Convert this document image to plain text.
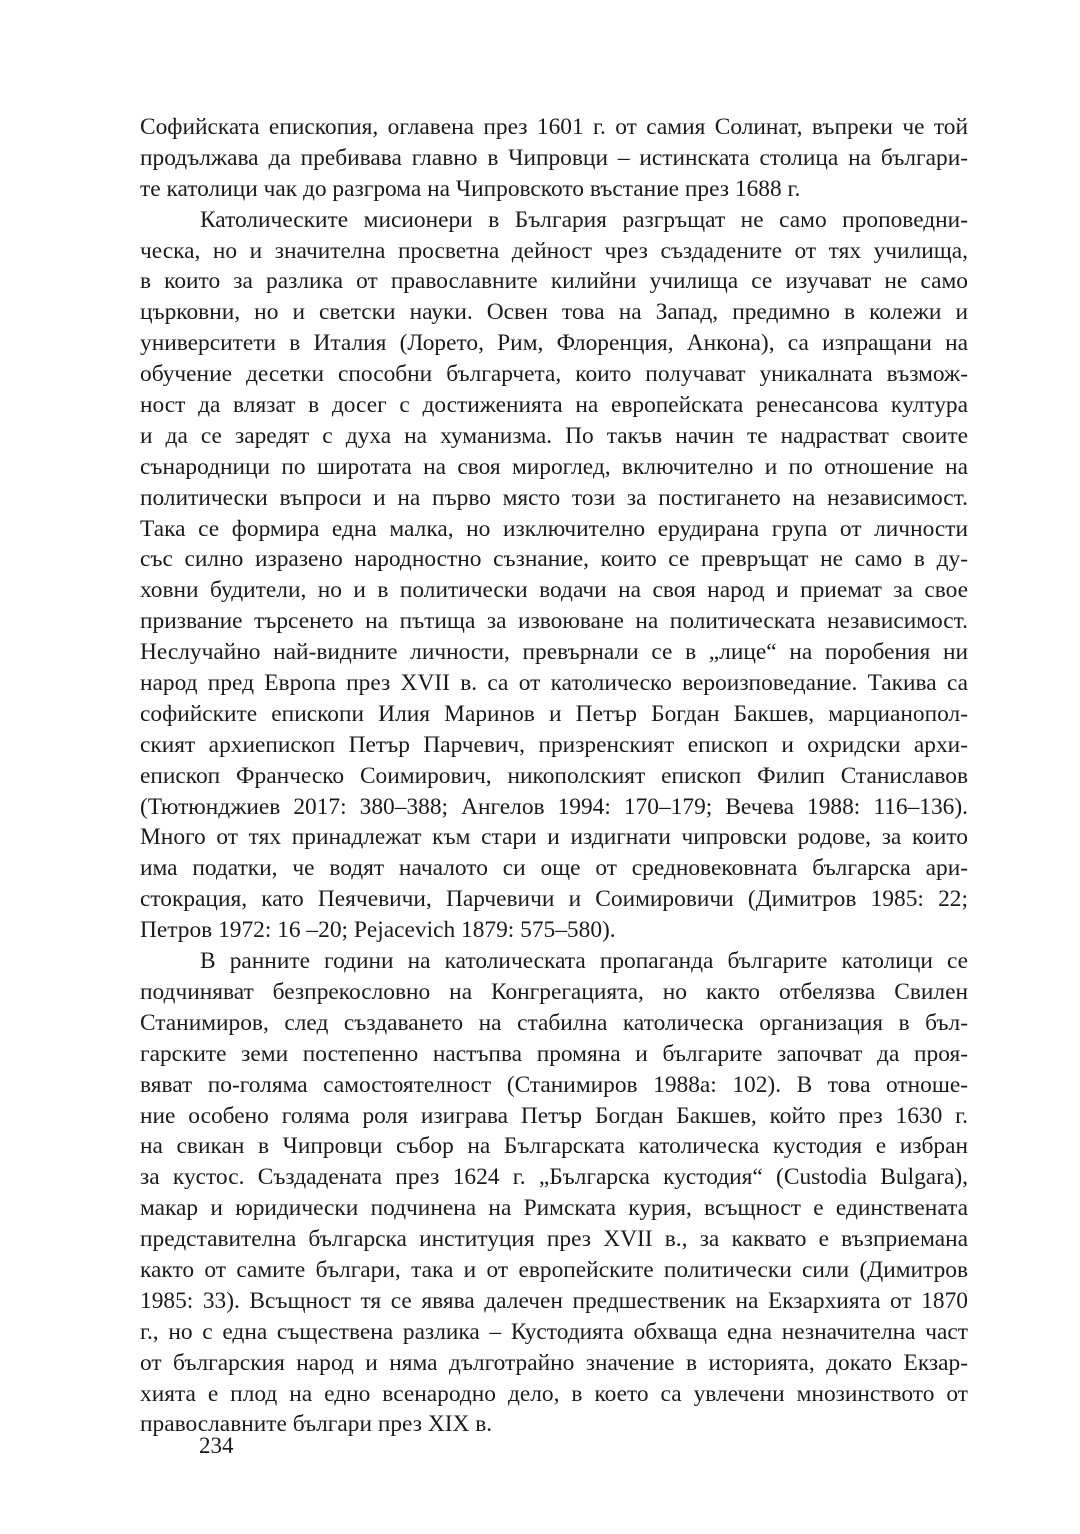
Софийската епископия, оглавена през 1601 г. от самия Солинат, въпреки че той
продължава да пребивава главно в Чипровци – истинската столица на българи-
те католици чак до разгрома на Чипровското въстание през 1688 г.
Католическите мисионери в България разгръщат не само проповедни-
ческа, но и значителна просветна дейност чрез създадените от тях училища,
в които за разлика от православните килийни училища се изучават не само
църковни, но и светски науки. Освен това на Запад, предимно в колежи и
университети в Италия (Лорето, Рим, Флоренция, Анкона), са изпращани на
обучение десетки способни българчета, които получават уникалната възмож-
ност да влязат в досег с достиженията на европейската ренесансова култура
и да се заредят с духа на хуманизма. По такъв начин те надрастват своите
сънародници по широтата на своя мироглед, включително и по отношение на
политически въпроси и на първо място този за постигането на независимост.
Така се формира една малка, но изключително ерудирана група от личности
със силно изразено народностно съзнание, които се превръщат не само в ду-
ховни будители, но и в политически водачи на своя народ и приемат за свое
призвание търсенето на пътища за извоюване на политическата независимост.
Неслучайно най-видните личности, превърнали се в „лице“ на поробения ни
народ пред Европа през XVII в. са от католическо вероизповедание. Такива са
софийските епископи Илия Маринов и Петър Богдан Бакшев, марцианопол-
ският архиепископ Петър Парчевич, призренският епископ и охридски архи-
епископ Франческо Соимирович, никополският епископ Филип Станиславов
(Тютюнджиев 2017: 380–388; Ангелов 1994: 170–179; Вечева 1988: 116–136).
Много от тях принадлежат към стари и издигнати чипровски родове, за които
има податки, че водят началото си още от средновековната българска ари-
стокрация, като Пеячевичи, Парчевичи и Соимировичи (Димитров 1985: 22;
Петров 1972: 16 –20; Pejacevich 1879: 575–580).
В ранните години на католическата пропаганда българите католици се
подчиняват безпрекословно на Конгрегацията, но както отбелязва Свилен
Станимиров, след създаването на стабилна католическа организация в бъл-
гарските земи постепенно настъпва промяна и българите започват да проя-
вяват по-голяма самостоятелност (Станимиров 1988а: 102). В това отноше-
ние особено голяма роля изиграва Петър Богдан Бакшев, който през 1630 г.
на свикан в Чипровци събор на Българската католическа кустодия е избран
за кустос. Създадената през 1624 г. „Българска кустодия“ (Custodia Bulgara),
макар и юридически подчинена на Римската курия, всъщност е единствената
представителна българска институция през XVII в., за каквато е възприемана
както от самите българи, така и от европейските политически сили (Димитров
1985: 33). Всъщност тя се явява далечен предшественик на Екзархията от 1870
г., но с една съществена разлика – Кустодията обхваща една незначителна част
от българския народ и няма дълготрайно значение в историята, докато Екзар-
хията е плод на едно всенародно дело, в което са увлечени мнозинството от
православните българи през XIX в.
234
